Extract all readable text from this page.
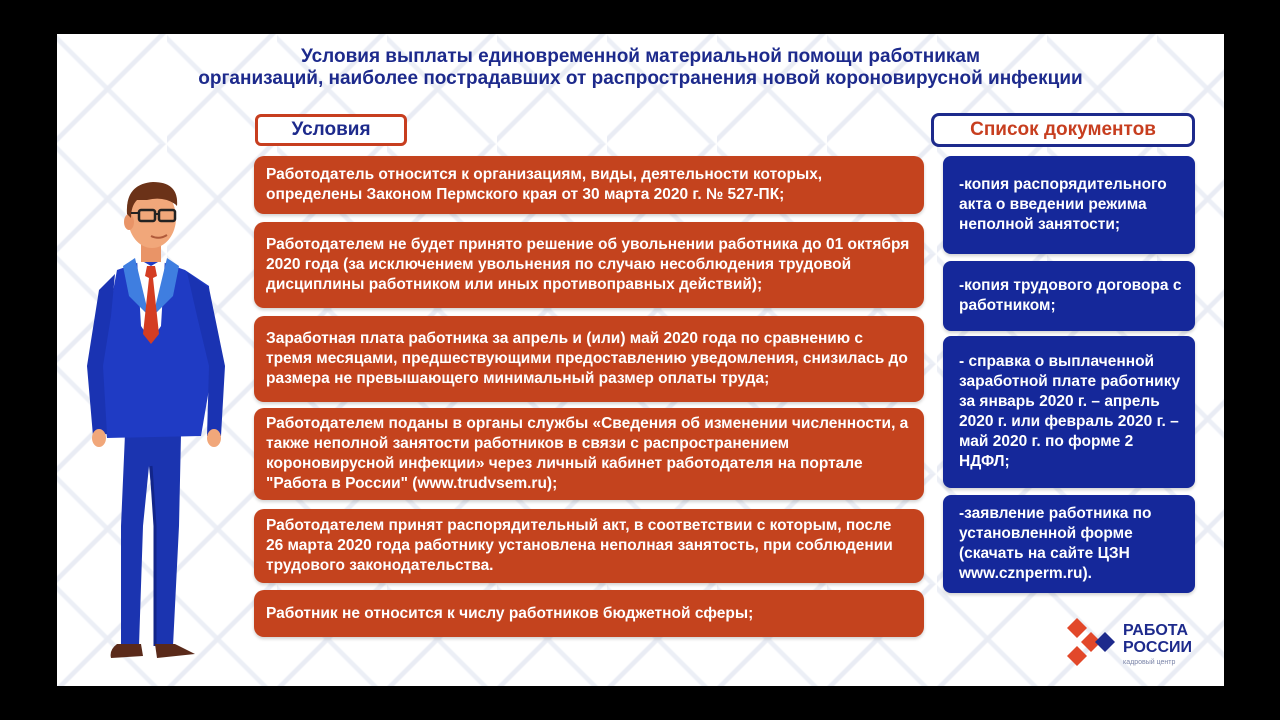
Условия выплаты единовременной материальной помощи работникам
организаций, наиболее пострадавших от распространения новой короновирусной инфекции
Условия	Список документов
Работодатель относится к организациям, виды, деятельности которых, определены Законом Пермского края от 30 марта 2020 г. № 527-ПК;
Работодателем не будет принято решение об увольнении работника до 01 октября 2020 года (за исключением увольнения по случаю несоблюдения трудовой дисциплины работником или иных противоправных действий);
Заработная плата работника за апрель и (или) май 2020 года по сравнению с тремя месяцами, предшествующими предоставлению уведомления, снизилась до размера не превышающего минимальный размер оплаты труда;
Работодателем поданы в органы службы «Сведения об изменении численности, а также неполной занятости работников в связи с распространением короновирусной инфекции» через личный кабинет работодателя на портале "Работа в России" (www.trudvsem.ru);
Работодателем принят распорядительный акт, в соответствии с которым, после 26 марта 2020 года работнику установлена неполная занятость, при соблюдении трудового законодательства.
Работник не относится к числу работников бюджетной сферы;
-копия распорядительного акта о введении режима неполной занятости;
-копия трудового договора с работником;
- справка о выплаченной заработной плате работнику за январь 2020 г. – апрель 2020 г. или февраль 2020 г. – май 2020 г. по форме 2 НДФЛ;
-заявление работника по установленной форме (скачать на сайте ЦЗН www.cznperm.ru).
РАБОТА
РОССИИ
кадровый центр
